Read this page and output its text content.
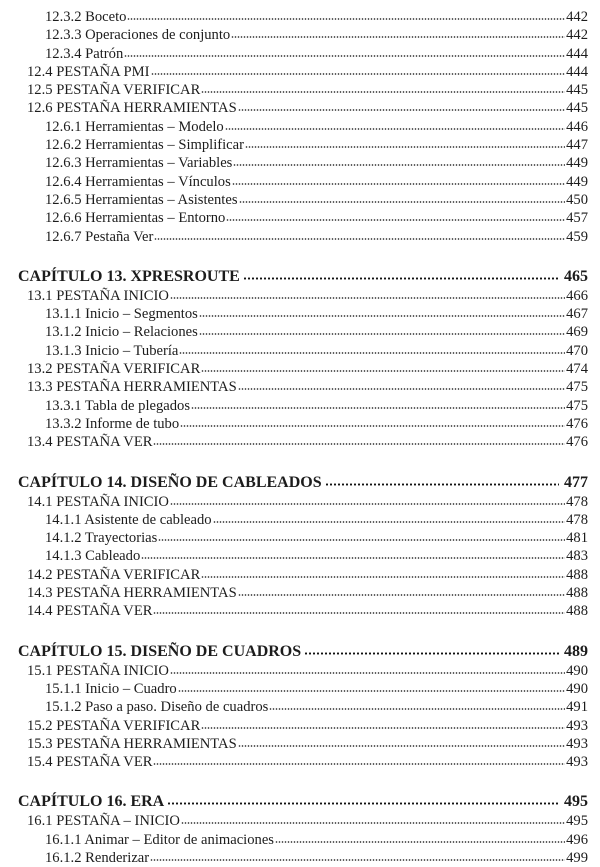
12.3.2 Boceto	442
12.3.3 Operaciones de conjunto	442
12.3.4 Patrón	444
12.4 PESTAÑA PMI	444
12.5 PESTAÑA VERIFICAR	445
12.6 PESTAÑA HERRAMIENTAS	445
12.6.1 Herramientas – Modelo	446
12.6.2 Herramientas – Simplificar	447
12.6.3 Herramientas – Variables	449
12.6.4 Herramientas – Vínculos	449
12.6.5 Herramientas – Asistentes	450
12.6.6 Herramientas – Entorno	457
12.6.7 Pestaña Ver	459
CAPÍTULO 13. XPRESROUTE	465
13.1 PESTAÑA INICIO	466
13.1.1 Inicio – Segmentos	467
13.1.2 Inicio – Relaciones	469
13.1.3 Inicio – Tubería	470
13.2 PESTAÑA VERIFICAR	474
13.3 PESTAÑA HERRAMIENTAS	475
13.3.1 Tabla de plegados	475
13.3.2 Informe de tubo	476
13.4 PESTAÑA VER	476
CAPÍTULO 14. DISEÑO DE CABLEADOS	477
14.1 PESTAÑA INICIO	478
14.1.1 Asistente de cableado	478
14.1.2 Trayectorias	481
14.1.3 Cableado	483
14.2 PESTAÑA VERIFICAR	488
14.3 PESTAÑA HERRAMIENTAS	488
14.4 PESTAÑA VER	488
CAPÍTULO 15. DISEÑO DE CUADROS	489
15.1 PESTAÑA INICIO	490
15.1.1 Inicio – Cuadro	490
15.1.2 Paso a paso. Diseño de cuadros	491
15.2 PESTAÑA VERIFICAR	493
15.3 PESTAÑA HERRAMIENTAS	493
15.4 PESTAÑA VER	493
CAPÍTULO 16. ERA	495
16.1 PESTAÑA – INICIO	495
16.1.1 Animar – Editor de animaciones	496
16.1.2 Renderizar	499
